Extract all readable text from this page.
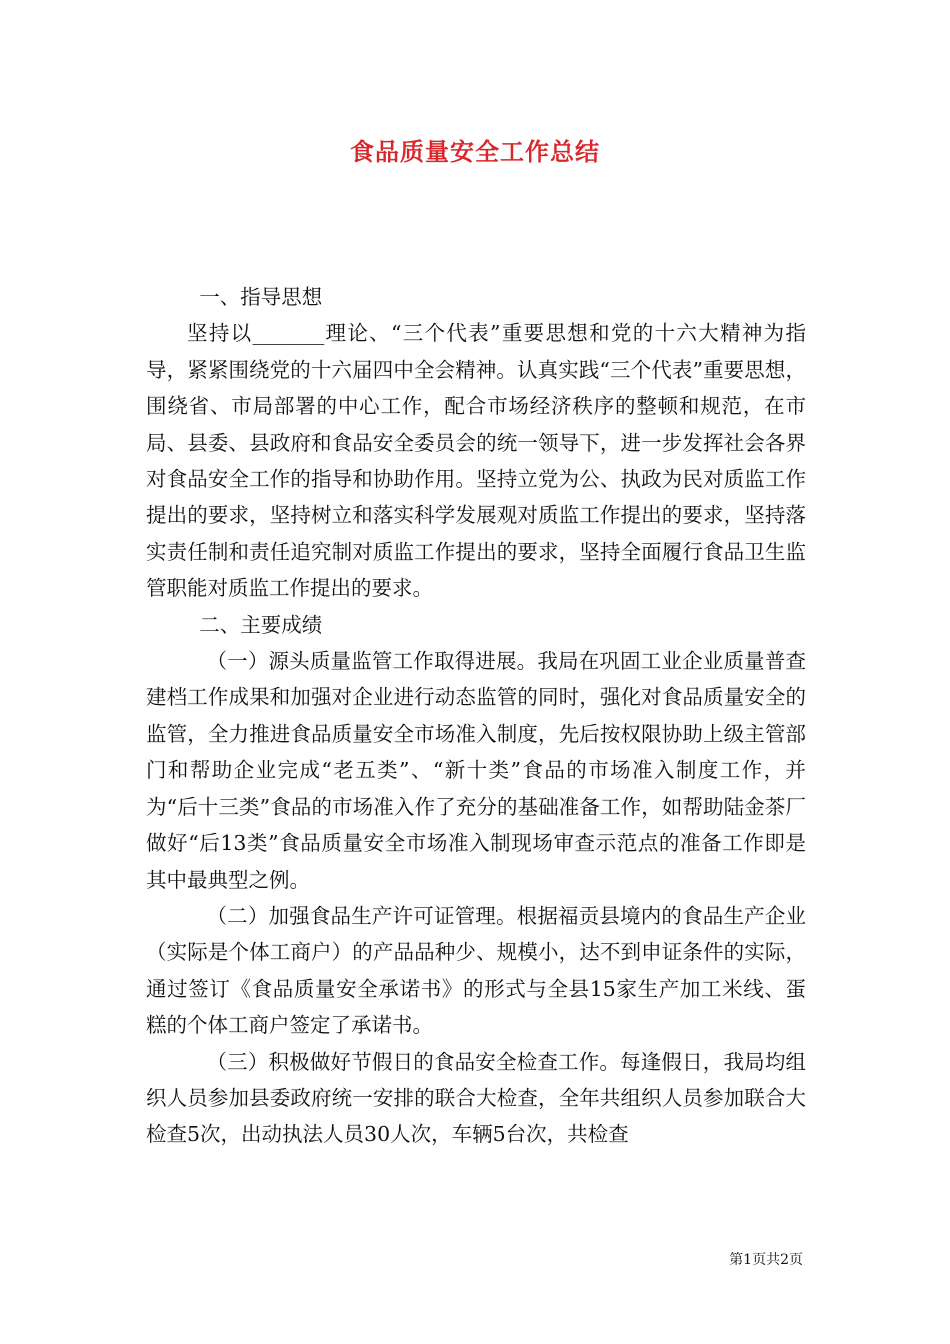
食品质量安全工作总结

一、指导思想

坚持以_______理论、“三个代表”重要思想和党的十六大精神为指导，紧紧围绕党的十六届四中全会精神。认真实践“三个代表”重要思想，围绕省、市局部署的中心工作，配合市场经济秩序的整顿和规范，在市局、县委、县政府和食品安全委员会的统一领导下，进一步发挥社会各界对食品安全工作的指导和协助作用。坚持立党为公、执政为民对质监工作提出的要求，坚持树立和落实科学发展观对质监工作提出的要求，坚持落实责任制和责任追究制对质监工作提出的要求，坚持全面履行食品卫生监管职能对质监工作提出的要求。

二、主要成绩

（一）源头质量监管工作取得进展。我局在巩固工业企业质量普查建档工作成果和加强对企业进行动态监管的同时，强化对食品质量安全的监管，全力推进食品质量安全市场准入制度，先后按权限协助上级主管部门和帮助企业完成“老五类”、“新十类”食品的市场准入制度工作，并为“后十三类”食品的市场准入作了充分的基础准备工作，如帮助陆金茶厂做好“后13类”食品质量安全市场准入制现场审查示范点的准备工作即是其中最典型之例。

（二）加强食品生产许可证管理。根据福贡县境内的食品生产企业（实际是个体工商户）的产品品种少、规模小，达不到申证条件的实际，通过签订《食品质量安全承诺书》的形式与全县15家生产加工米线、蛋糕的个体工商户签定了承诺书。

（三）积极做好节假日的食品安全检查工作。每逢假日，我局均组织人员参加县委政府统一安排的联合大检查，全年共组织人员参加联合大检查5次，出动执法人员30人次，车辆5台次，共检查

第1页共2页
